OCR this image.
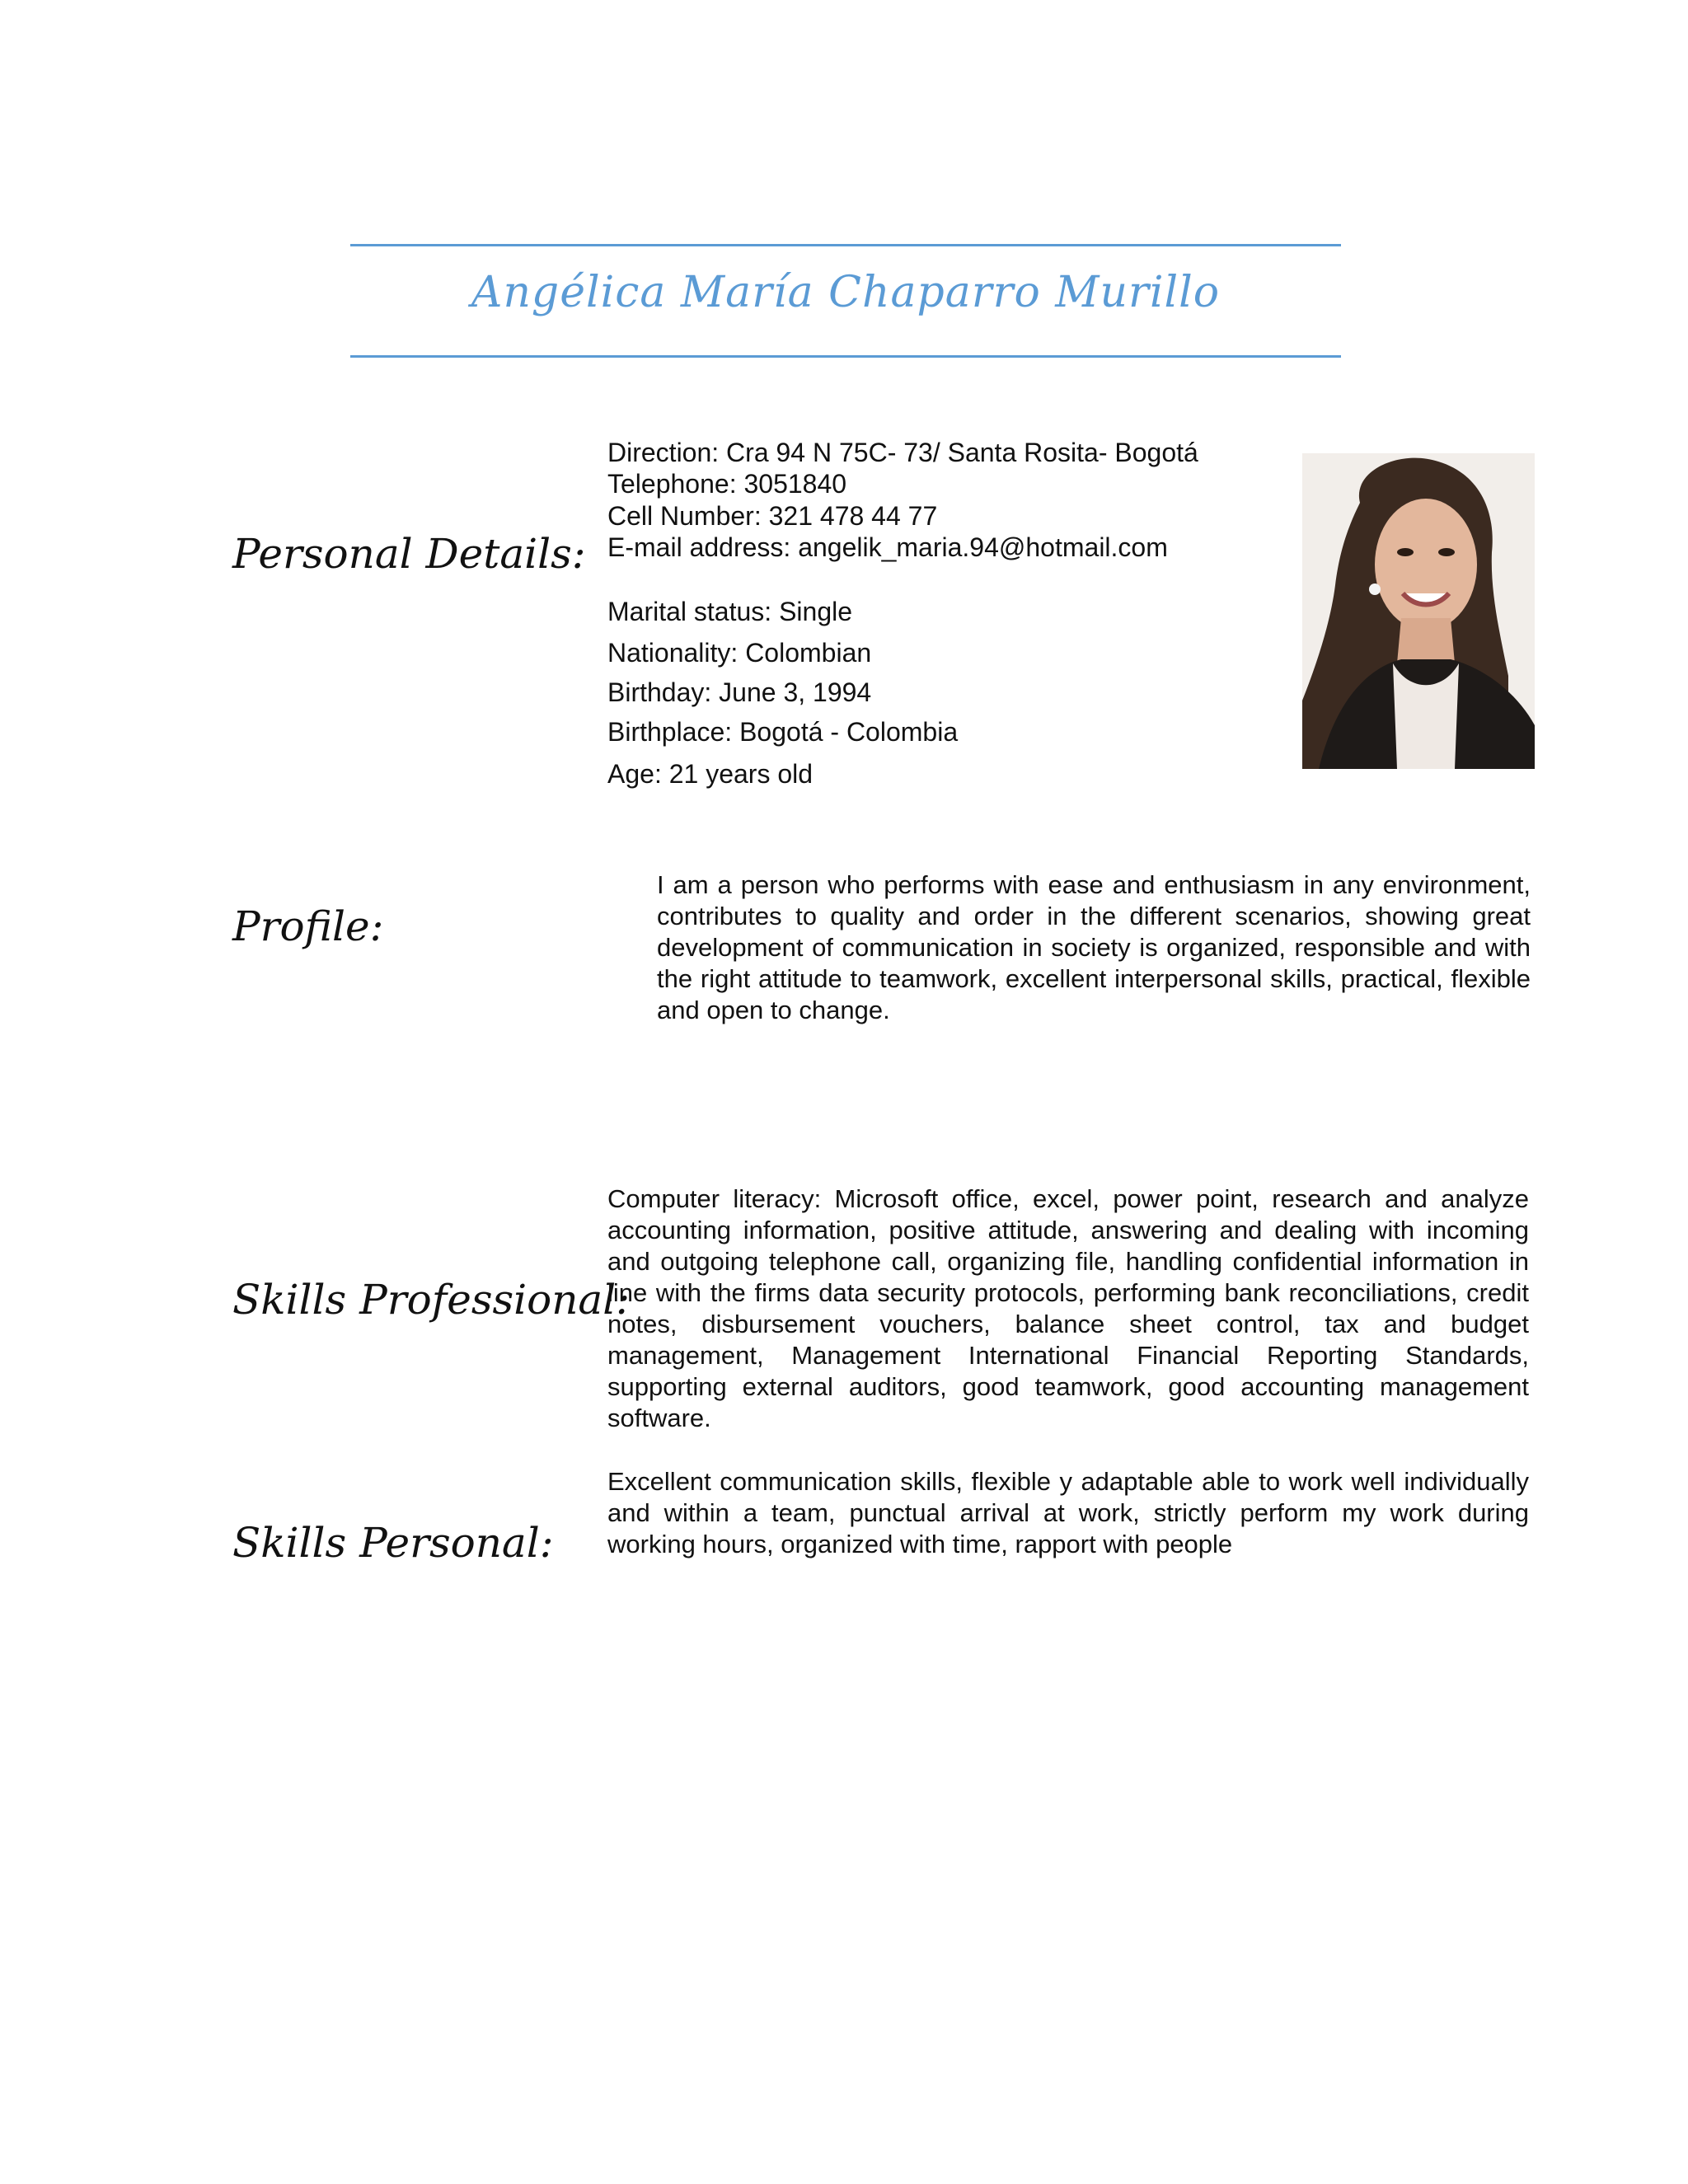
Angélica María Chaparro Murillo
Personal Details:
Direction: Cra 94 N 75C- 73/ Santa Rosita- Bogotá
Telephone: 3051840
Cell Number: 321 478 44 77
E-mail address: angelik_maria.94@hotmail.com
Marital status: Single
Nationality: Colombian
Birthday: June 3, 1994
Birthplace: Bogotá - Colombia
Age: 21 years old
Profile:
I am a person who performs with ease and enthusiasm in any environment, contributes to quality and order in the different scenarios, showing great development of communication in society is organized, responsible and with the right attitude to teamwork, excellent interpersonal skills, practical, flexible and open to change.
Skills Professional:
Computer literacy: Microsoft office, excel, power point, research and analyze accounting information, positive attitude, answering and dealing with incoming and outgoing telephone call, organizing file, handling confidential information in line with the firms data security protocols, performing bank reconciliations, credit notes, disbursement vouchers, balance sheet control, tax and budget management, Management International Financial Reporting Standards, supporting external auditors, good teamwork, good accounting management software.
Skills Personal:
Excellent communication skills, flexible y adaptable able to work well individually and within a team, punctual arrival at work, strictly perform my work during working hours, organized with time, rapport with people
